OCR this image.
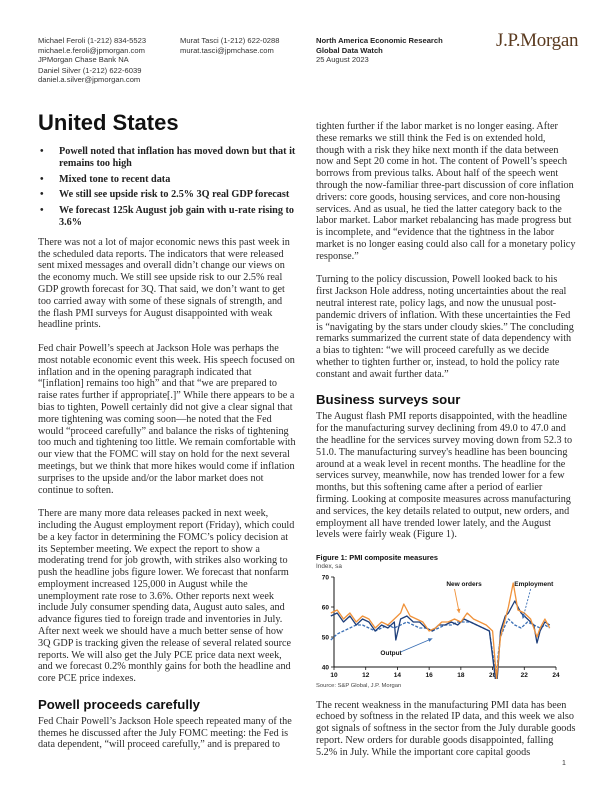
Michael Feroli (1-212) 834-5523
michael.e.feroli@jpmorgan.com
JPMorgan Chase Bank NA
Daniel Silver (1-212) 622-6039
daniel.a.silver@jpmorgan.com
Murat Tasci (1-212) 622-0288
murat.tasci@jpmchase.com
North America Economic Research
Global Data Watch
25 August 2023
J.P.Morgan
United States
• Powell noted that inflation has moved down but that it remains too high
• Mixed tone to recent data
• We still see upside risk to 2.5% 3Q real GDP forecast
• We forecast 125k August job gain with u-rate rising to 3.6%

There was not a lot of major economic news this past week in the scheduled data reports. The indicators that were released sent mixed messages and overall didn’t change our views on the economy much. We still see upside risk to our 2.5% real GDP growth forecast for 3Q. That said, we don’t want to get too carried away with some of these signals of strength, and the flash PMI surveys for August disappointed with weak headline prints.

Fed chair Powell’s speech at Jackson Hole was perhaps the most notable economic event this week. His speech focused on inflation and in the opening paragraph indicated that “[inflation] remains too high” and that “we are prepared to raise rates further if appropriate[.]” While there appears to be a bias to tighten, Powell certainly did not give a clear signal that more tightening was coming soon—he noted that the Fed would “proceed carefully” and balance the risks of tightening too much and tightening too little. We remain comfortable with our view that the FOMC will stay on hold for the next several meetings, but we think that more hikes would come if inflation surprises to the upside and/or the labor market does not continue to soften.

There are many more data releases packed in next week, including the August employment report (Friday), which could be a key factor in determining the FOMC’s policy decision at its September meeting. We expect the report to show a moderating trend for job growth, with strikes also working to push the headline jobs figure lower. We forecast that nonfarm employment increased 125,000 in August while the unemployment rate rose to 3.6%. Other reports next week include July consumer spending data, August auto sales, and advance figures tied to foreign trade and inventories in July. After next week we should have a much better sense of how 3Q GDP is tracking given the release of several related source reports. We will also get the July PCE price data next week, and we forecast 0.2% monthly gains for both the headline and core PCE price indexes.

Powell proceeds carefully

Fed Chair Powell’s Jackson Hole speech repeated many of the themes he discussed after the July FOMC meeting: the Fed is data dependent, “will proceed carefully,” and is prepared to

tighten further if the labor market is no longer easing. After these remarks we still think the Fed is on extended hold, though with a risk they hike next month if the data between now and Sept 20 come in hot. The content of Powell’s speech borrows from previous talks. About half of the speech went through the now-familiar three-part discussion of core inflation drivers: core goods, housing services, and core non-housing services. And as usual, he tied the latter category back to the labor market. Labor market rebalancing has made progress but is incomplete, and “evidence that the tightness in the labor market is no longer easing could also call for a monetary policy response.”

Turning to the policy discussion, Powell looked back to his first Jackson Hole address, noting uncertainties about the real neutral interest rate, policy lags, and now the unusual post-pandemic drivers of inflation. With these uncertainties the Fed is “navigating by the stars under cloudy skies.” The concluding remarks summarized the current state of data dependency with a bias to tighten: “we will proceed carefully as we decide whether to tighten further or, instead, to hold the policy rate constant and await further data.”

Business surveys sour

The August flash PMI reports disappointed, with the headline for the manufacturing survey declining from 49.0 to 47.0 and the headline for the services survey moving down from 52.3 to 51.0. The manufacturing survey's headline has been bouncing around at a weak level in recent months. The headline for the services survey, meanwhile, now has trended lower for a few months, but this softening came after a period of earlier firming. Looking at composite measures across manufacturing and services, the key details related to output, new orders, and employment all have trended lower lately, and the August levels were fairly weak (Figure 1).

Figure 1: PMI composite measures
Index, sa
40
50
60
70
10	12	14	16	18	20	22	24
New orders	Employment
Output
Source: S&P Global, J.P. Morgan

The recent weakness in the manufacturing PMI data has been echoed by softness in the related IP data, and this week we also got signals of softness in the sector from the July durable goods report. New orders for durable goods disappointed, falling 5.2% in July. While the important core capital goods

1
